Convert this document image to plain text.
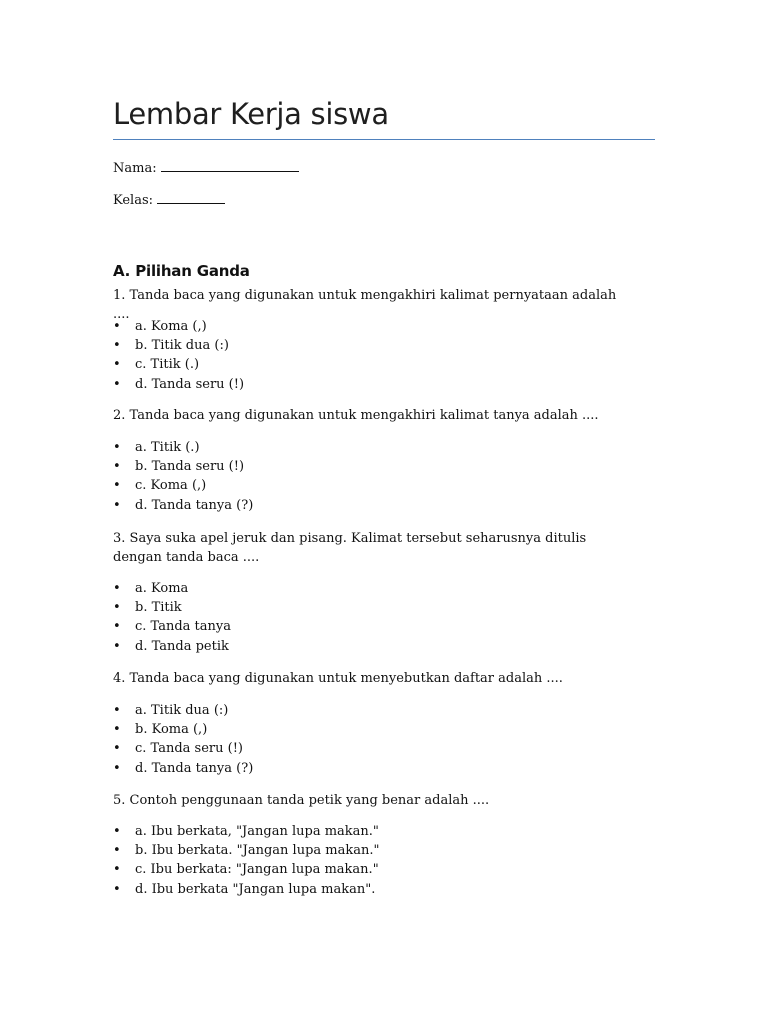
Lembar Kerja siswa

Nama:

Kelas:

A. Pilihan Ganda

1. Tanda baca yang digunakan untuk mengakhiri kalimat pernyataan adalah ....

• a. Koma (,)
• b. Titik dua (:)
• c. Titik (.)
• d. Tanda seru (!)

2. Tanda baca yang digunakan untuk mengakhiri kalimat tanya adalah ....

• a. Titik (.)
• b. Tanda seru (!)
• c. Koma (,)
• d. Tanda tanya (?)

3. Saya suka apel jeruk dan pisang. Kalimat tersebut seharusnya ditulis dengan tanda baca ....

• a. Koma
• b. Titik
• c. Tanda tanya
• d. Tanda petik

4. Tanda baca yang digunakan untuk menyebutkan daftar adalah ....

• a. Titik dua (:)
• b. Koma (,)
• c. Tanda seru (!)
• d. Tanda tanya (?)

5. Contoh penggunaan tanda petik yang benar adalah ....

• a. Ibu berkata, "Jangan lupa makan."
• b. Ibu berkata. "Jangan lupa makan."
• c. Ibu berkata: "Jangan lupa makan."
• d. Ibu berkata "Jangan lupa makan".
